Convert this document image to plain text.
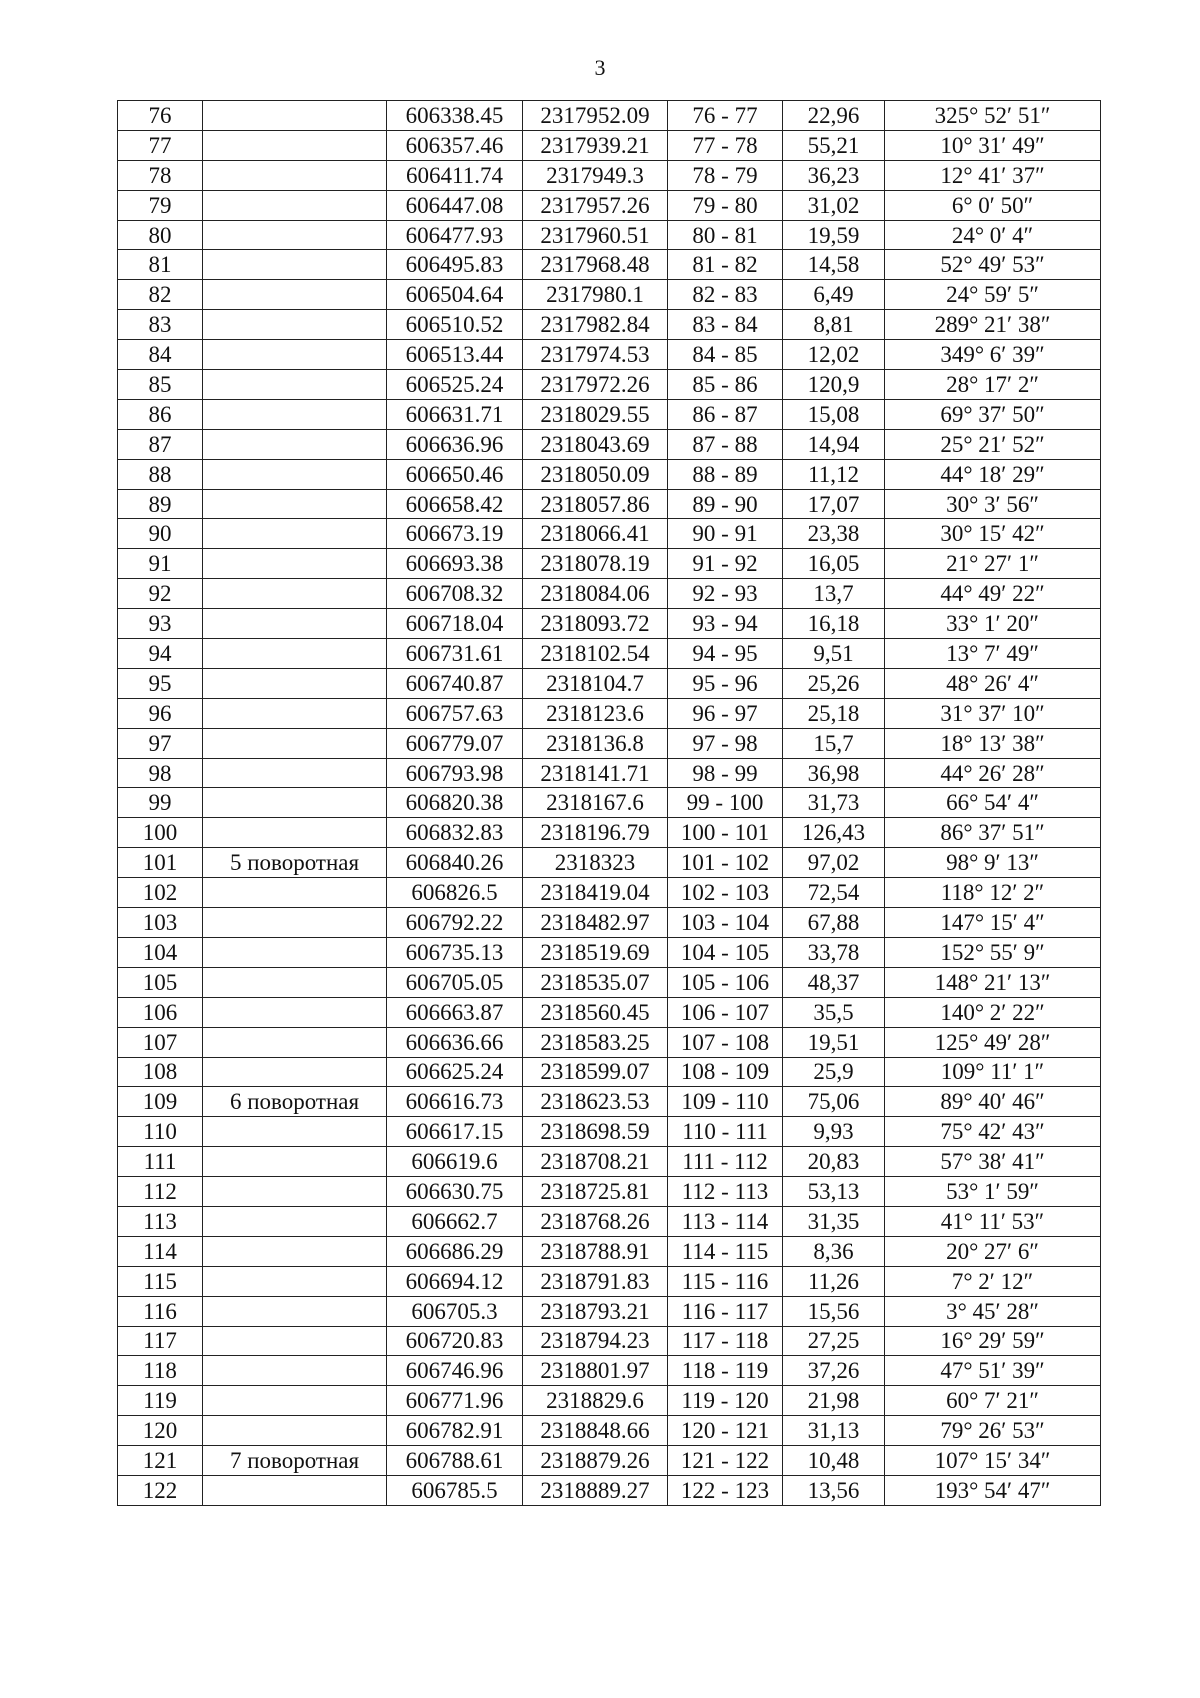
3
76		606338.45	2317952.09	76 - 77	22,96	325° 52′ 51″
77		606357.46	2317939.21	77 - 78	55,21	10° 31′ 49″
78		606411.74	2317949.3	78 - 79	36,23	12° 41′ 37″
79		606447.08	2317957.26	79 - 80	31,02	6° 0′ 50″
80		606477.93	2317960.51	80 - 81	19,59	24° 0′ 4″
81		606495.83	2317968.48	81 - 82	14,58	52° 49′ 53″
82		606504.64	2317980.1	82 - 83	6,49	24° 59′ 5″
83		606510.52	2317982.84	83 - 84	8,81	289° 21′ 38″
84		606513.44	2317974.53	84 - 85	12,02	349° 6′ 39″
85		606525.24	2317972.26	85 - 86	120,9	28° 17′ 2″
86		606631.71	2318029.55	86 - 87	15,08	69° 37′ 50″
87		606636.96	2318043.69	87 - 88	14,94	25° 21′ 52″
88		606650.46	2318050.09	88 - 89	11,12	44° 18′ 29″
89		606658.42	2318057.86	89 - 90	17,07	30° 3′ 56″
90		606673.19	2318066.41	90 - 91	23,38	30° 15′ 42″
91		606693.38	2318078.19	91 - 92	16,05	21° 27′ 1″
92		606708.32	2318084.06	92 - 93	13,7	44° 49′ 22″
93		606718.04	2318093.72	93 - 94	16,18	33° 1′ 20″
94		606731.61	2318102.54	94 - 95	9,51	13° 7′ 49″
95		606740.87	2318104.7	95 - 96	25,26	48° 26′ 4″
96		606757.63	2318123.6	96 - 97	25,18	31° 37′ 10″
97		606779.07	2318136.8	97 - 98	15,7	18° 13′ 38″
98		606793.98	2318141.71	98 - 99	36,98	44° 26′ 28″
99		606820.38	2318167.6	99 - 100	31,73	66° 54′ 4″
100		606832.83	2318196.79	100 - 101	126,43	86° 37′ 51″
101	5 поворотная	606840.26	2318323	101 - 102	97,02	98° 9′ 13″
102		606826.5	2318419.04	102 - 103	72,54	118° 12′ 2″
103		606792.22	2318482.97	103 - 104	67,88	147° 15′ 4″
104		606735.13	2318519.69	104 - 105	33,78	152° 55′ 9″
105		606705.05	2318535.07	105 - 106	48,37	148° 21′ 13″
106		606663.87	2318560.45	106 - 107	35,5	140° 2′ 22″
107		606636.66	2318583.25	107 - 108	19,51	125° 49′ 28″
108		606625.24	2318599.07	108 - 109	25,9	109° 11′ 1″
109	6 поворотная	606616.73	2318623.53	109 - 110	75,06	89° 40′ 46″
110		606617.15	2318698.59	110 - 111	9,93	75° 42′ 43″
111		606619.6	2318708.21	111 - 112	20,83	57° 38′ 41″
112		606630.75	2318725.81	112 - 113	53,13	53° 1′ 59″
113		606662.7	2318768.26	113 - 114	31,35	41° 11′ 53″
114		606686.29	2318788.91	114 - 115	8,36	20° 27′ 6″
115		606694.12	2318791.83	115 - 116	11,26	7° 2′ 12″
116		606705.3	2318793.21	116 - 117	15,56	3° 45′ 28″
117		606720.83	2318794.23	117 - 118	27,25	16° 29′ 59″
118		606746.96	2318801.97	118 - 119	37,26	47° 51′ 39″
119		606771.96	2318829.6	119 - 120	21,98	60° 7′ 21″
120		606782.91	2318848.66	120 - 121	31,13	79° 26′ 53″
121	7 поворотная	606788.61	2318879.26	121 - 122	10,48	107° 15′ 34″
122		606785.5	2318889.27	122 - 123	13,56	193° 54′ 47″
